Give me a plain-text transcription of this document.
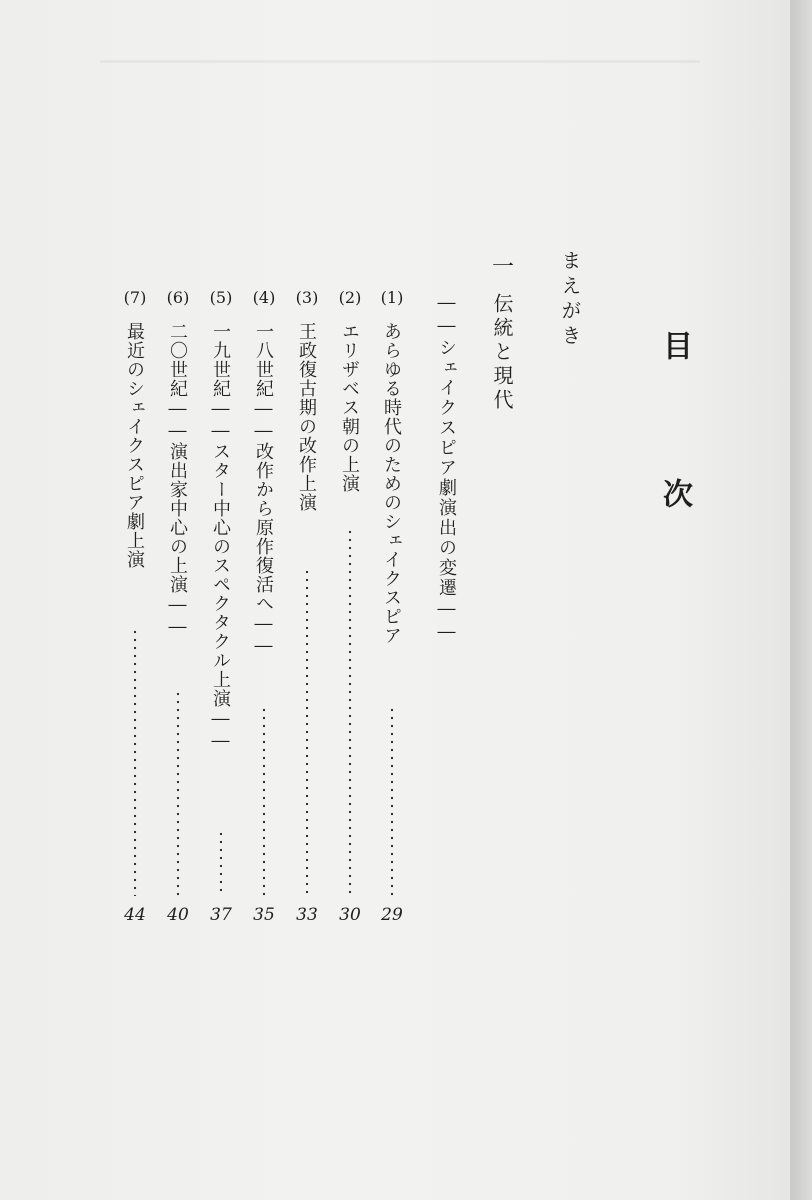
目　次
まえがき
一
伝統と現代
――シェイクスピア劇演出の変遷――
(1)
あらゆる時代のためのシェイクスピア
29
(2)
エリザベス朝の上演
30
(3)
王政復古期の改作上演
33
(4)
一八世紀――改作から原作復活へ――
35
(5)
一九世紀――スター中心のスペクタクル上演――
37
(6)
二〇世紀――演出家中心の上演――
40
(7)
最近のシェイクスピア劇上演
44
